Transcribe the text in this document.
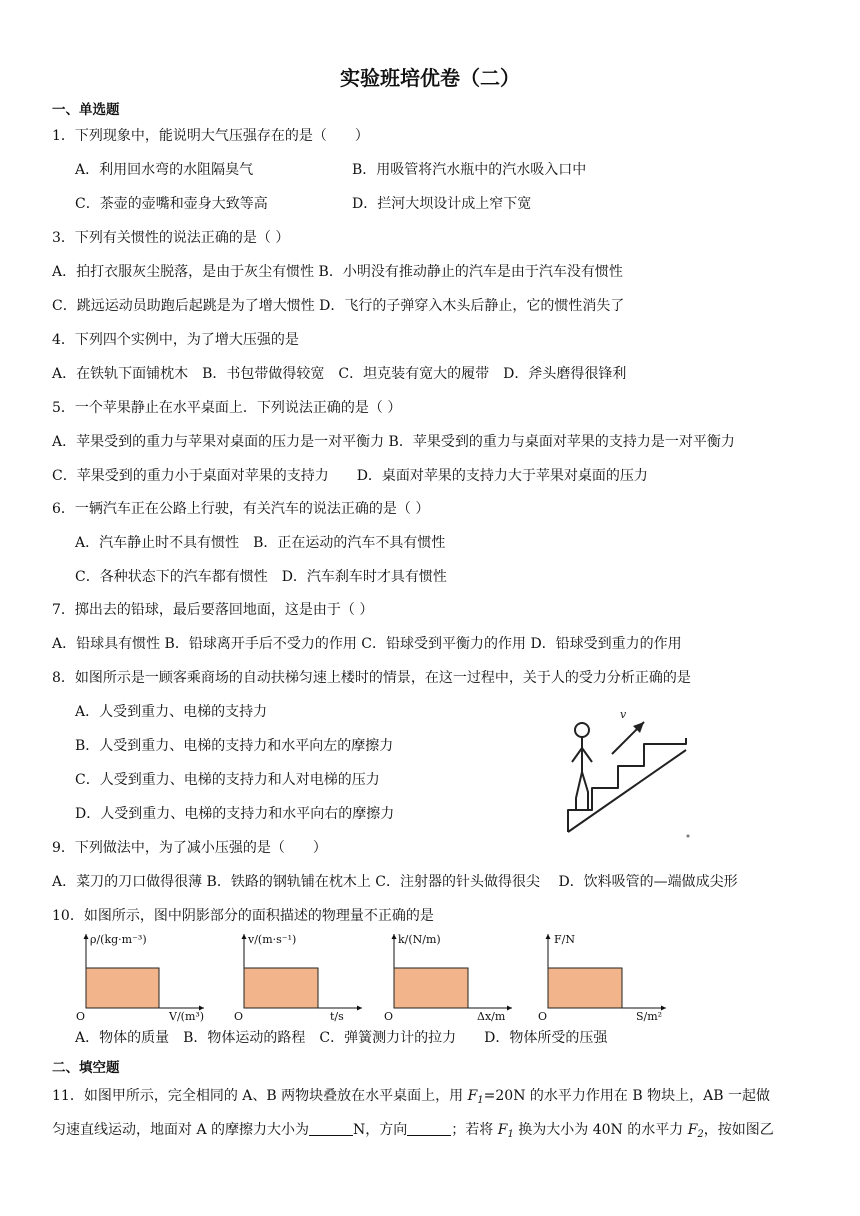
实验班培优卷（二）
一、单选题
1．下列现象中，能说明大气压强存在的是（　　）
A．利用回水弯的水阻隔臭气	B．用吸管将汽水瓶中的汽水吸入口中
C．茶壶的壶嘴和壶身大致等高	D．拦河大坝设计成上窄下宽
3．下列有关惯性的说法正确的是（ ）
A．拍打衣服灰尘脱落，是由于灰尘有惯性 B．小明没有推动静止的汽车是由于汽车没有惯性
C．跳远运动员助跑后起跳是为了增大惯性 D．飞行的子弹穿入木头后静止，它的惯性消失了
4．下列四个实例中，为了增大压强的是
A．在铁轨下面铺枕木　B．书包带做得较宽　C．坦克装有宽大的履带　D．斧头磨得很锋利
5．一个苹果静止在水平桌面上．下列说法正确的是（ ）
A．苹果受到的重力与苹果对桌面的压力是一对平衡力 B．苹果受到的重力与桌面对苹果的支持力是一对平衡力
C．苹果受到的重力小于桌面对苹果的支持力　　D．桌面对苹果的支持力大于苹果对桌面的压力
6．一辆汽车正在公路上行驶，有关汽车的说法正确的是（ ）
A．汽车静止时不具有惯性　B．正在运动的汽车不具有惯性
C．各种状态下的汽车都有惯性　D．汽车刹车时才具有惯性
7．掷出去的铅球，最后要落回地面，这是由于（ ）
A．铅球具有惯性 B．铅球离开手后不受力的作用 C．铅球受到平衡力的作用 D．铅球受到重力的作用
8．如图所示是一顾客乘商场的自动扶梯匀速上楼时的情景，在这一过程中，关于人的受力分析正确的是
A．人受到重力、电梯的支持力
B．人受到重力、电梯的支持力和水平向左的摩擦力
C．人受到重力、电梯的支持力和人对电梯的压力
D．人受到重力、电梯的支持力和水平向右的摩擦力
v
9．下列做法中，为了减小压强的是（　　）
A．菜刀的刀口做得很薄 B．铁路的钢轨铺在枕木上 C．注射器的针头做得很尖　 D．饮料吸管的—端做成尖形
10．如图所示，图中阴影部分的面积描述的物理量不正确的是
ρ/(kg·m⁻³)
V/(m³)
O
v/(m·s⁻¹)
t/s
O
k/(N/m)
Δx/m
O
F/N
S/m²
O
A．物体的质量　B．物体运动的路程　C．弹簧测力计的拉力　　D．物体所受的压强
二、填空题
11．如图甲所示，完全相同的 A、B 两物块叠放在水平桌面上，用 $F_1=20N$ 的水平力作用在 B 物块上，AB 一起做
匀速直线运动，地面对 A 的摩擦力大小为	N，方向	；若将 $F_1$ 换为大小为 40N 的水平力 $F_2$，按如图乙
